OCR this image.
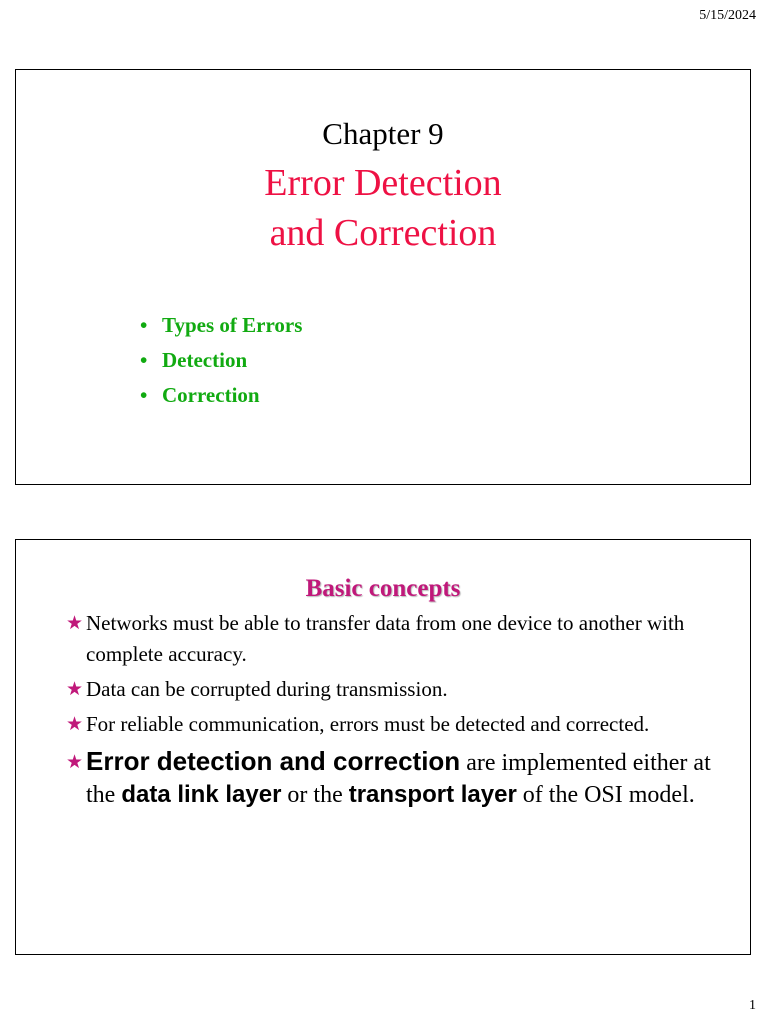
5/15/2024
Chapter 9
Error Detection
and Correction
• Types of Errors
• Detection
• Correction
Basic concepts
★ Networks must be able to transfer data from one device to another with complete accuracy.
★ Data can be corrupted during transmission.
★ For reliable communication, errors must be detected and corrected.
★ Error detection and correction are implemented either at the data link layer or the transport layer of the OSI model.
1
